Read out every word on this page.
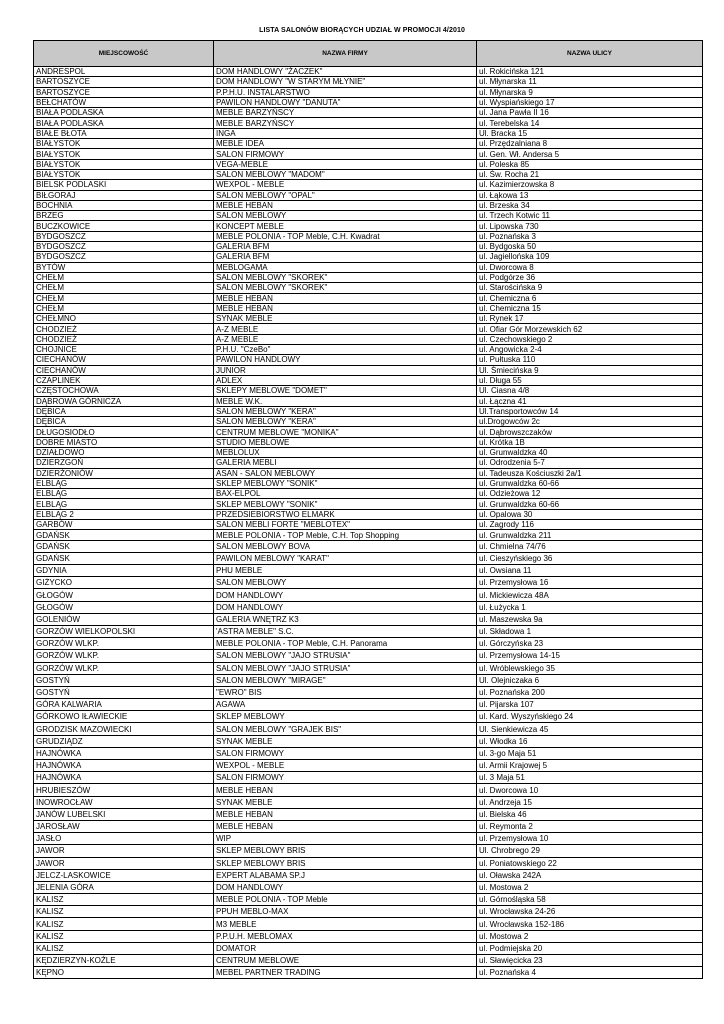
LISTA SALONÓW BIORĄCYCH UDZIAŁ W PROMOCJI 4/2010
MIEJSCOWOŚĆ	NAZWA FIRMY	NAZWA ULICY
ANDRESPOL	DOM HANDLOWY "ŻACZEK"	ul. Rokicińska 121
BARTOSZYCE	DOM HANDLOWY "W STARYM MŁYNIE"	ul. Młynarska 11
BARTOSZYCE	P.P.H.U. INSTALARSTWO	ul. Młynarska 9
BEŁCHATÓW	PAWILON HANDLOWY "DANUTA"	ul. Wyspiańskiego 17
BIAŁA PODLASKA	MEBLE BARZYŃSCY	ul. Jana Pawła II 16
BIAŁA PODLASKA	MEBLE BARZYŃSCY	ul. Terebelska 14
BIAŁE BŁOTA	INGA	Ul. Bracka 15
BIAŁYSTOK	MEBLE IDEA	ul. Przędzalniana 8
BIAŁYSTOK	SALON FIRMOWY	ul. Gen. Wł. Andersa 5
BIAŁYSTOK	VEGA-MEBLE	ul. Poleska 85
BIAŁYSTOK	SALON MEBLOWY "MADOM"	ul. Św. Rocha 21
BIELSK PODLASKI	WEXPOL - MEBLE	ul. Kazimierzowska 8
BIŁGORAJ	SALON MEBLOWY "OPAL"	ul. Łąkowa 13
BOCHNIA	MEBLE HEBAN	ul. Brzeska 34
BRZEG	SALON MEBLOWY	ul. Trzech Kotwic 11
BUCZKOWICE	KONCEPT MEBLE	ul. Lipowska 730
BYDGOSZCZ	MEBLE POLONIA - TOP Meble, C.H. Kwadrat	ul. Poznańska 3
BYDGOSZCZ	GALERIA BFM	ul. Bydgoska 50
BYDGOSZCZ	GALERIA BFM	ul. Jagiellońska 109
BYTÓW	MEBLOGAMA	ul. Dworcowa 8
CHEŁM	SALON MEBLOWY "SKOREK"	ul. Podgórze 36
CHEŁM	SALON MEBLOWY "SKOREK"	ul. Starościńska 9
CHEŁM	MEBLE HEBAN	ul. Chemiczna 6
CHEŁM	MEBLE HEBAN	ul. Chemiczna 15
CHEŁMNO	SYNAK MEBLE	ul. Rynek 17
CHODZIEŻ	A-Z MEBLE	ul. Ofiar Gór Morzewskich 62
CHODZIEŻ	A-Z MEBLE	ul. Czechowskiego 2
CHOJNICE	P.H.U. "CzeBo"	ul. Angowicka 2-4
CIECHANÓW	PAWILON HANDLOWY	ul. Pułtuska 110
CIECHANÓW	JUNIOR	Ul. Śmiecińska 9
CZAPLINEK	ADLEX	ul. Długa 55
CZĘSTOCHOWA	SKLEPY MEBLOWE "DOMET"	Ul. Ciasna 4/8
DĄBROWA GÓRNICZA	MEBLE W.K.	ul. Łączna 41
DĘBICA	SALON MEBLOWY "KERA"	Ul.Transportowców 14
DĘBICA	SALON MEBLOWY "KERA"	ul.Drogowców 2c
DŁUGOSIODŁO	CENTRUM MEBLOWE "MONIKA"	ul. Dąbrowszczaków
DOBRE MIASTO	STUDIO MEBLOWE	ul. Krótka 1B
DZIAŁDOWO	MEBLOLUX	ul. Grunwaldzka 40
DZIERZGOŃ	GALERIA MEBLI	ul. Odrodzenia 5-7
DZIERŻONIÓW	ASAN - SALON MEBLOWY	ul. Tadeusza Kościuszki 2a/1
ELBLĄG	SKLEP MEBLOWY "SONIK"	ul. Grunwaldzka 60-66
ELBLĄG	BAX-ELPOL	ul. Odzieżowa 12
ELBLĄG	SKLEP MEBLOWY "SONIK"	ul. Grunwaldzka 60-66
ELBLĄG 2	PRZEDSIEBIORSTWO ELMARK	ul. Opalowa 30
GARBÓW	SALON MEBLI FORTE "MEBLOTEX"	ul. Zagrody 116
GDAŃSK	MEBLE POLONIA - TOP Meble, C.H. Top Shopping	ul. Grunwaldzka 211
GDAŃSK	SALON MEBLOWY BOVA	ul. Chmielna 74/76
GDAŃSK	PAWILON MEBLOWY "KARAT"	ul. Cieszyńskiego 36
GDYNIA	PHU MEBLE	ul. Owsiana 11
GIŻYCKO	SALON MEBLOWY	ul. Przemysłowa 16
GŁOGÓW	DOM HANDLOWY	ul. Mickiewicza 48A
GŁOGÓW	DOM HANDLOWY	ul. Łużycka 1
GOLENIÓW	GALERIA WNĘTRZ K3	ul. Maszewska 9a
GORZÓW WIELKOPOLSKI	'ASTRA MEBLE" S.C.	ul. Składowa 1
GORZÓW WLKP.	MEBLE POLONIA - TOP Meble, C.H. Panorama	ul. Górczyńska 23
GORZÓW WLKP.	SALON MEBLOWY "JAJO STRUSIA"	ul. Przemysłowa 14-15
GORZÓW WLKP.	SALON MEBLOWY "JAJO STRUSIA"	ul. Wróblewskiego 35
GOSTYŃ	SALON MEBLOWY "MIRAGE"	Ul. Olejniczaka 6
GOSTYŃ	"EWRO" BIS	ul. Poznańska 200
GÓRA KALWARIA	AGAWA	ul. Pijarska 107
GÓRKOWO IŁAWIECKIE	SKLEP MEBLOWY	ul. Kard. Wyszyńskiego 24
GRODZISK MAZOWIECKI	SALON MEBLOWY "GRAJEK BIS"	Ul. Sienkiewicza 45
GRUDZIĄDZ	SYNAK MEBLE	ul. Włodka 16
HAJNÓWKA	SALON FIRMOWY	ul. 3-go Maja 51
HAJNÓWKA	WEXPOL - MEBLE	ul. Armii Krajowej 5
HAJNÓWKA	SALON FIRMOWY	ul. 3 Maja 51
HRUBIESZÓW	MEBLE HEBAN	ul. Dworcowa 10
INOWROCŁAW	SYNAK MEBLE	ul. Andrzeja 15
JANÓW LUBELSKI	MEBLE HEBAN	ul. Bielska 46
JAROSŁAW	MEBLE HEBAN	ul. Reymonta 2
JASŁO	WIP	ul. Przemysłowa 10
JAWOR	SKLEP MEBLOWY BRIS	Ul. Chrobrego 29
JAWOR	SKLEP MEBLOWY BRIS	ul. Poniatowskiego 22
JELCZ-LASKOWICE	EXPERT ALABAMA SP.J	ul. Oławska 242A
JELENIA GÓRA	DOM HANDLOWY	ul. Mostowa 2
KALISZ	MEBLE POLONIA - TOP Meble	ul. Górnośląska 58
KALISZ	PPUH MEBLO-MAX	ul. Wrocławska 24-26
KALISZ	M3 MEBLE	ul. Wrocławska 152-186
KALISZ	P.P.U.H. MEBLOMAX	ul. Mostowa 2
KALISZ	DOMATOR	ul. Podmiejska 20
KĘDZIERZYN-KOŹLE	CENTRUM MEBLOWE	ul. Sławięcicka 23
KĘPNO	MEBEL PARTNER TRADING	ul. Poznańska 4
